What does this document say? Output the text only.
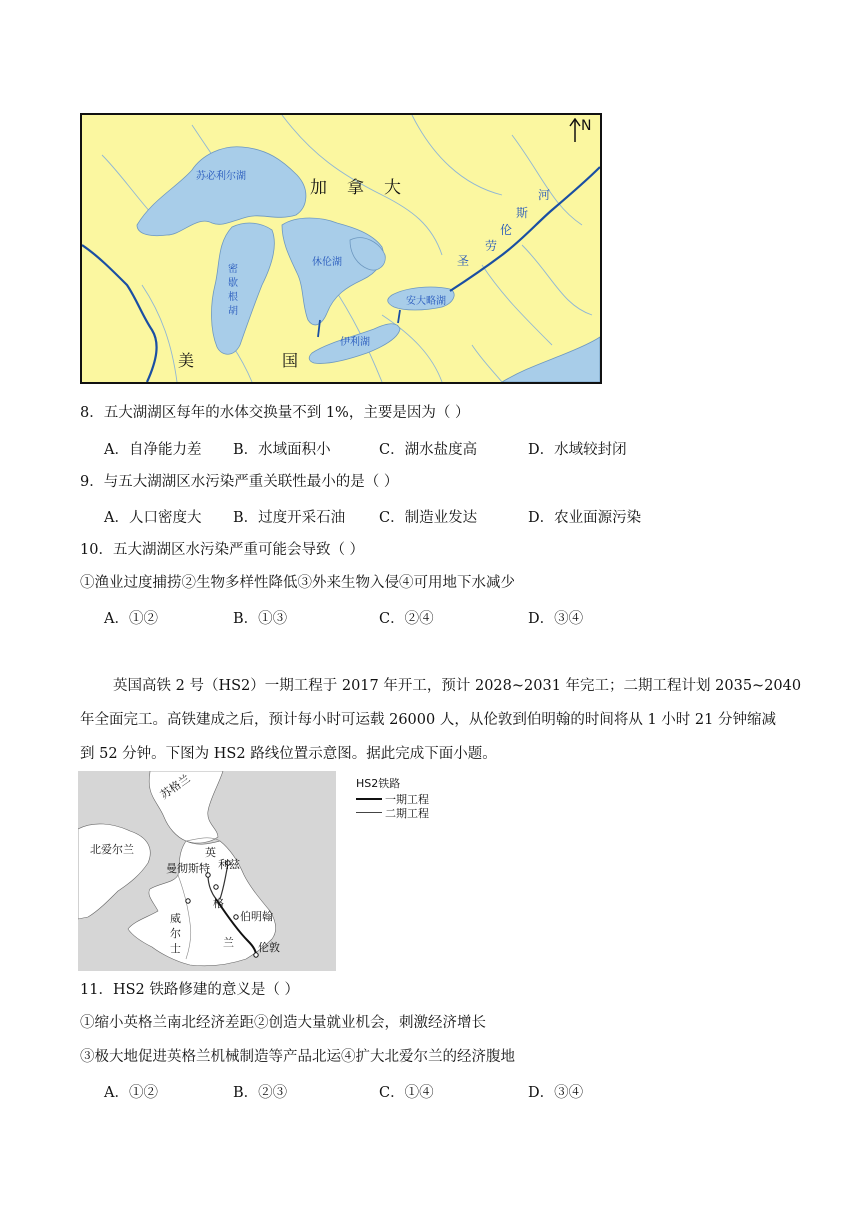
N
苏必利尔湖
加拿大
密
歇
根
胡
休伦湖
安大略湖
伊利湖
河
斯
伦
劳
圣
美	国
8．五大湖湖区每年的水体交换量不到 1%，主要是因为（ ）
A．自净能力差 B．水域面积小	C．湖水盐度高	D．水域较封闭
9．与五大湖湖区水污染严重关联性最小的是（ ）
A．人口密度大 B．过度开采石油 C．制造业发达	D．农业面源污染
10．五大湖湖区水污染严重可能会导致（ ）
①渔业过度捕捞②生物多样性降低③外来生物入侵④可用地下水减少
A．①②	B．①③	C．②④	D．③④
英国高铁 2 号（HS2）一期工程于 2017 年开工，预计 2028~2031 年完工；二期工程计划 2035~2040
年全面完工。高铁建成之后，预计每小时可运载 26000 人，从伦敦到伯明翰的时间将从 1 小时 21 分钟缩减
到 52 分钟。下图为 HS2 路线位置示意图。据此完成下面小题。
苏格兰
北爱尔兰	英
格
兰
曼彻斯特 利兹
伯明翰
威
尔
士	伦敦
HS2铁路
一期工程
二期工程
11．HS2 铁路修建的意义是（ ）
①缩小英格兰南北经济差距②创造大量就业机会，刺激经济增长
③极大地促进英格兰机械制造等产品北运④扩大北爱尔兰的经济腹地
A．①②	B．②③	C．①④	D．③④
